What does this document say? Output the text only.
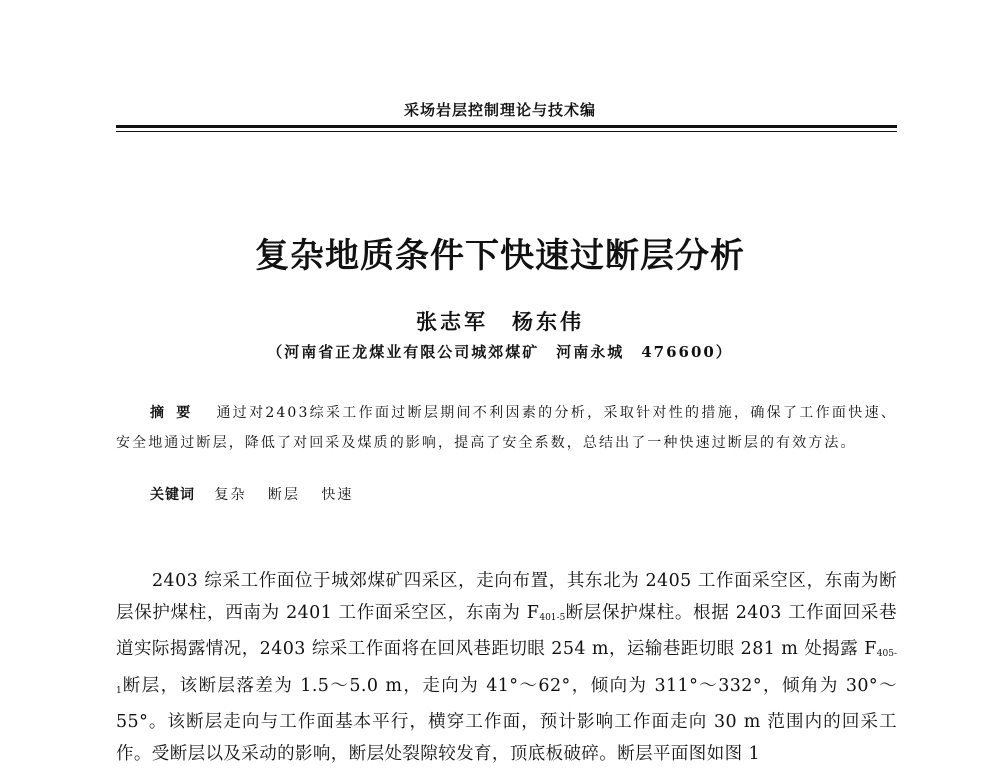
采场岩层控制理论与技术编
复杂地质条件下快速过断层分析
张志军　杨东伟
（河南省正龙煤业有限公司城郊煤矿　河南永城　476600）
摘要 通过对2403综采工作面过断层期间不利因素的分析，采取针对性的措施，确保了工作面快速、安全地通过断层，降低了对回采及煤质的影响，提高了安全系数，总结出了一种快速过断层的有效方法。
关键词 复杂 断层 快速
2403 综采工作面位于城郊煤矿四采区，走向布置，其东北为 2405 工作面采空区，东南为断层保护煤柱，西南为 2401 工作面采空区，东南为 $F_{401-5}$断层保护煤柱。根据 2403 工作面回采巷道实际揭露情况，2403 综采工作面将在回风巷距切眼 254 m，运输巷距切眼 281 m 处揭露 $F_{405-1}$断层，该断层落差为 1.5～5.0 m，走向为 41°～62°，倾向为 311°～332°，倾角为 30°～55°。该断层走向与工作面基本平行，横穿工作面，预计影响工作面走向 30 m 范围内的回采工作。受断层以及采动的影响，断层处裂隙较发育，顶底板破碎。断层平面图如图 1
